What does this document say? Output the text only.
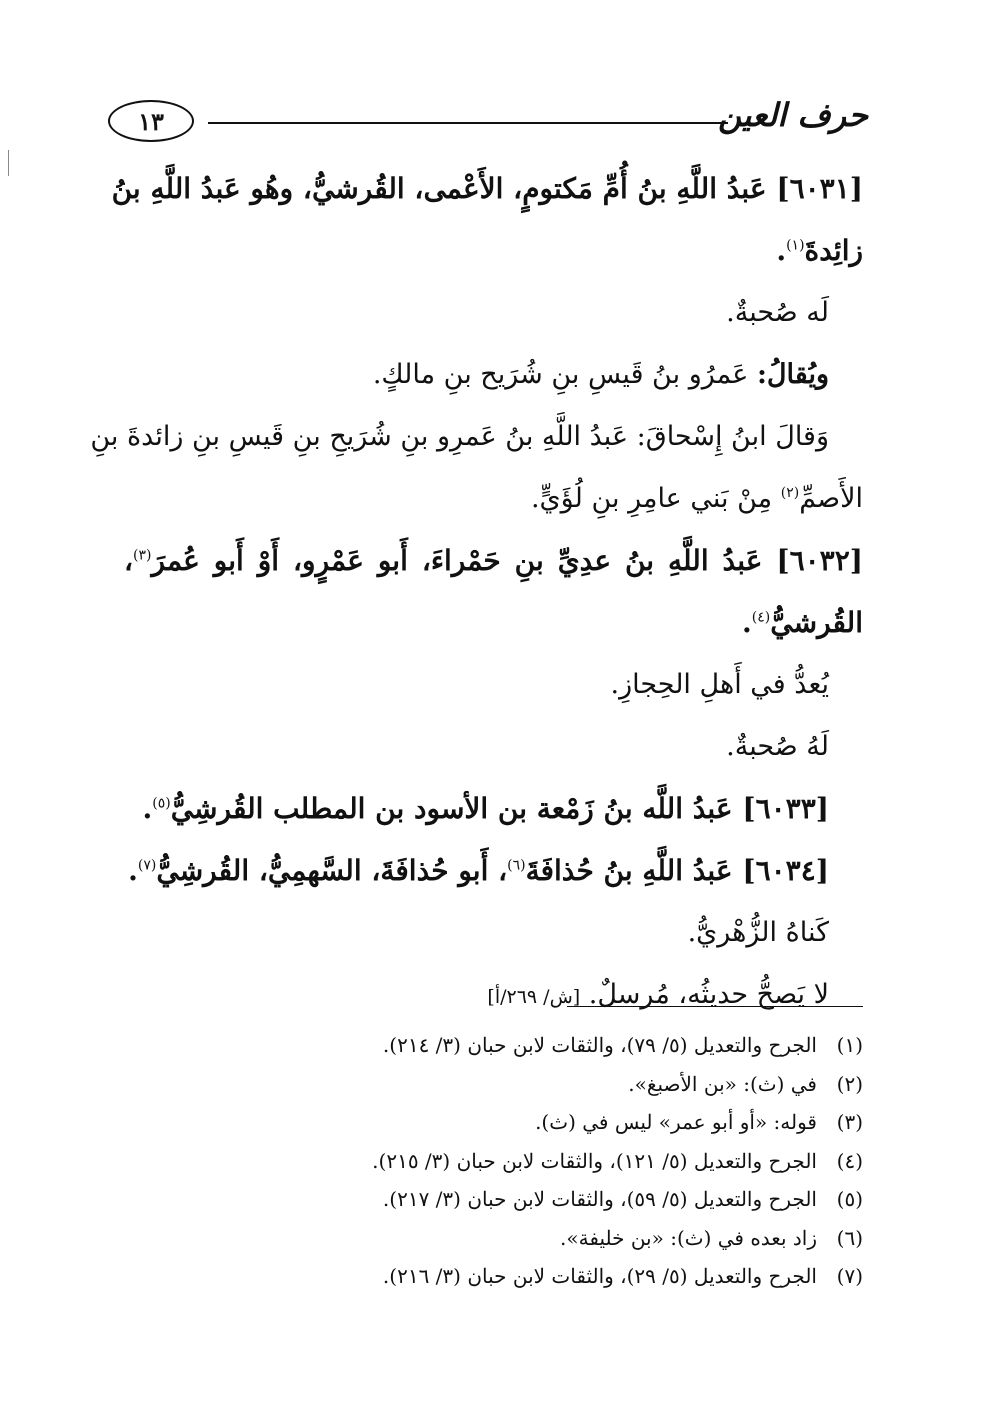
حرف العين
١٣
[٦٠٣١] عَبدُ اللَّهِ بنُ أُمِّ مَكتومٍ، الأَعْمى، القُرشيُّ، وهُو عَبدُ اللَّهِ بنُ
زائِدةَ$^{(١)}$.
لَه صُحبةٌ.
ويُقالُ: عَمرُو بنُ قَيسِ بنِ شُرَيح بنِ مالكٍ.
وَقالَ ابنُ إِسْحاقَ: عَبدُ اللَّهِ بنُ عَمرِو بنِ شُرَيحِ بنِ قَيسِ بنِ زائدةَ بنِ
الأَصمِّ$^{(٢)}$ مِنْ بَني عامِرِ بنِ لُؤَيٍّ.
[٦٠٣٢] عَبدُ اللَّهِ بنُ عدِيِّ بنِ حَمْراءَ، أَبو عَمْرٍو، أَوْ أَبو عُمرَ$^{(٣)}$،
القُرشيُّ$^{(٤)}$.
يُعدُّ في أَهلِ الحِجازِ.
لَهُ صُحبةٌ.
[٦٠٣٣] عَبدُ اللَّه بنُ زَمْعة بن الأسود بن المطلب القُرشِيُّ$^{(٥)}$.
[٦٠٣٤] عَبدُ اللَّهِ بنُ حُذافَةَ$^{(٦)}$، أَبو حُذافَةَ، السَّهمِيُّ، القُرشِيُّ$^{(٧)}$.
كَناهُ الزُّهْريُّ.
لا يَصحُّ حديثُه، مُرسلٌ. [ش/ ٢٦٩/أ]
(١)
الجرح والتعديل (٥/ ٧٩)، والثقات لابن حبان (٣/ ٢١٤).
(٢)
في (ث): «بن الأصبغ».
(٣)
قوله: «أو أبو عمر» ليس في (ث).
(٤)
الجرح والتعديل (٥/ ١٢١)، والثقات لابن حبان (٣/ ٢١٥).
(٥)
الجرح والتعديل (٥/ ٥٩)، والثقات لابن حبان (٣/ ٢١٧).
(٦)
زاد بعده في (ث): «بن خليفة».
(٧)
الجرح والتعديل (٥/ ٢٩)، والثقات لابن حبان (٣/ ٢١٦).
